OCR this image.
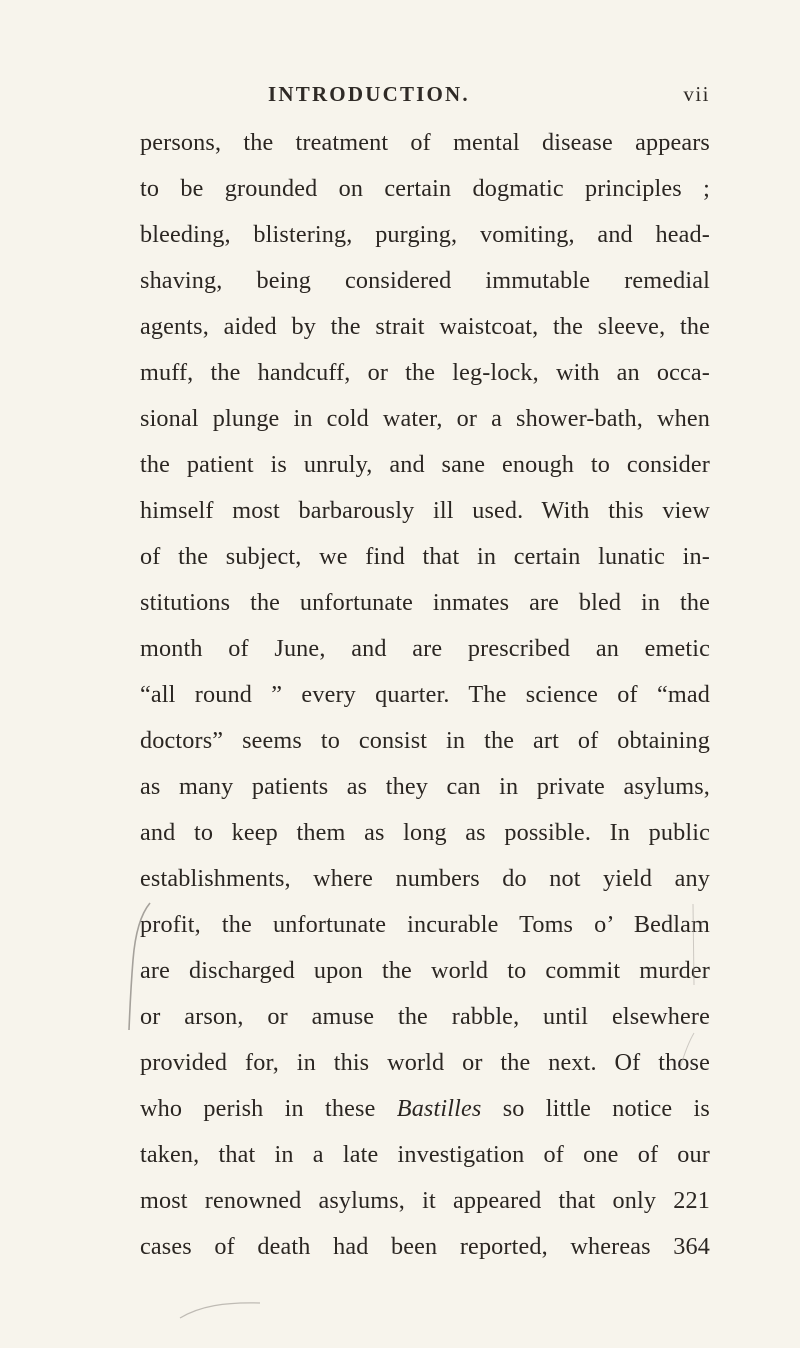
INTRODUCTION.	vii
persons, the treatment of mental disease appears
to be grounded on certain dogmatic principles ;
bleeding, blistering, purging, vomiting, and head-
shaving, being considered immutable remedial
agents, aided by the strait waistcoat, the sleeve, the
muff, the handcuff, or the leg-lock, with an occa-
sional plunge in cold water, or a shower-bath, when
the patient is unruly, and sane enough to consider
himself most barbarously ill used. With this view
of the subject, we find that in certain lunatic in-
stitutions the unfortunate inmates are bled in the
month of June, and are prescribed an emetic
“all round ” every quarter. The science of “mad
doctors” seems to consist in the art of obtaining
as many patients as they can in private asylums,
and to keep them as long as possible. In public
establishments, where numbers do not yield any
profit, the unfortunate incurable Toms o’ Bedlam
are discharged upon the world to commit murder
or arson, or amuse the rabble, until elsewhere
provided for, in this world or the next. Of those
who perish in these Bastilles so little notice is
taken, that in a late investigation of one of our
most renowned asylums, it appeared that only 221
cases of death had been reported, whereas 364
